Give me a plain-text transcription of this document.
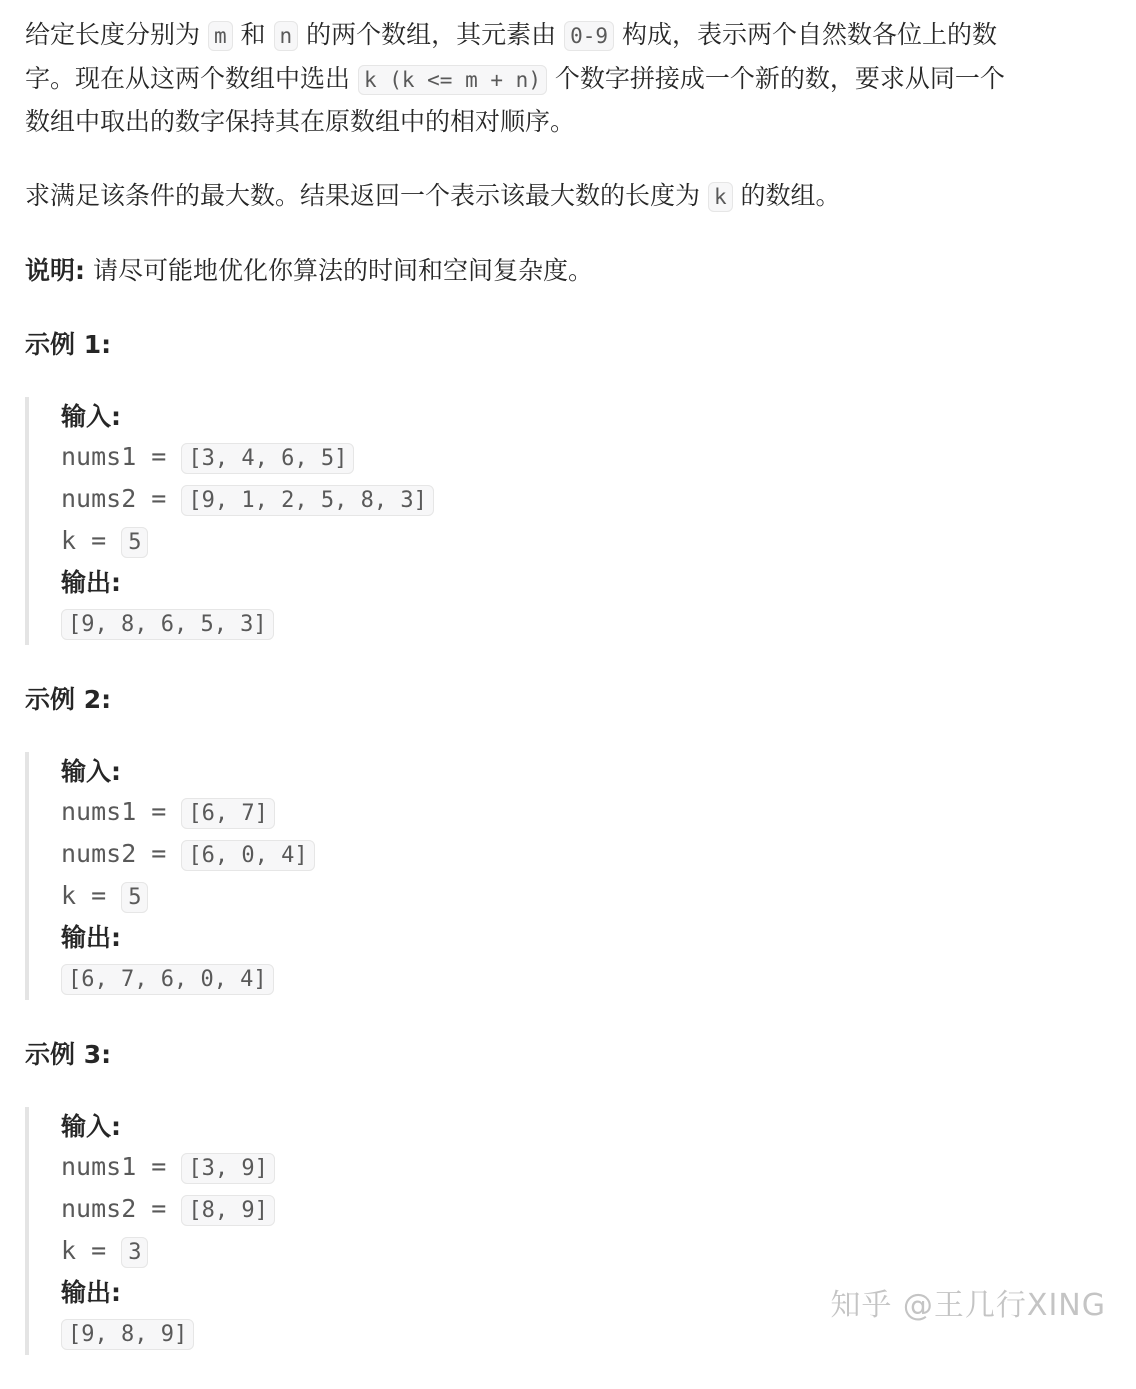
给定长度分别为 m 和 n 的两个数组，其元素由 0-9 构成，表示两个自然数各位上的数

字。现在从这两个数组中选出 k (k <= m + n) 个数字拼接成一个新的数，要求从同一个

数组中取出的数字保持其在原数组中的相对顺序。

求满足该条件的最大数。结果返回一个表示该最大数的长度为 k 的数组。

说明: 请尽可能地优化你算法的时间和空间复杂度。

示例 1:
输入:
nums1 = [3, 4, 6, 5]
nums2 = [9, 1, 2, 5, 8, 3]
k = 5
输出:
[9, 8, 6, 5, 3]
示例 2:
输入:
nums1 = [6, 7]
nums2 = [6, 0, 4]
k = 5
输出:
[6, 7, 6, 0, 4]
示例 3:
输入:
nums1 = [3, 9]
nums2 = [8, 9]
k = 3
输出:
[9, 8, 9]
知乎 @王几行XING
